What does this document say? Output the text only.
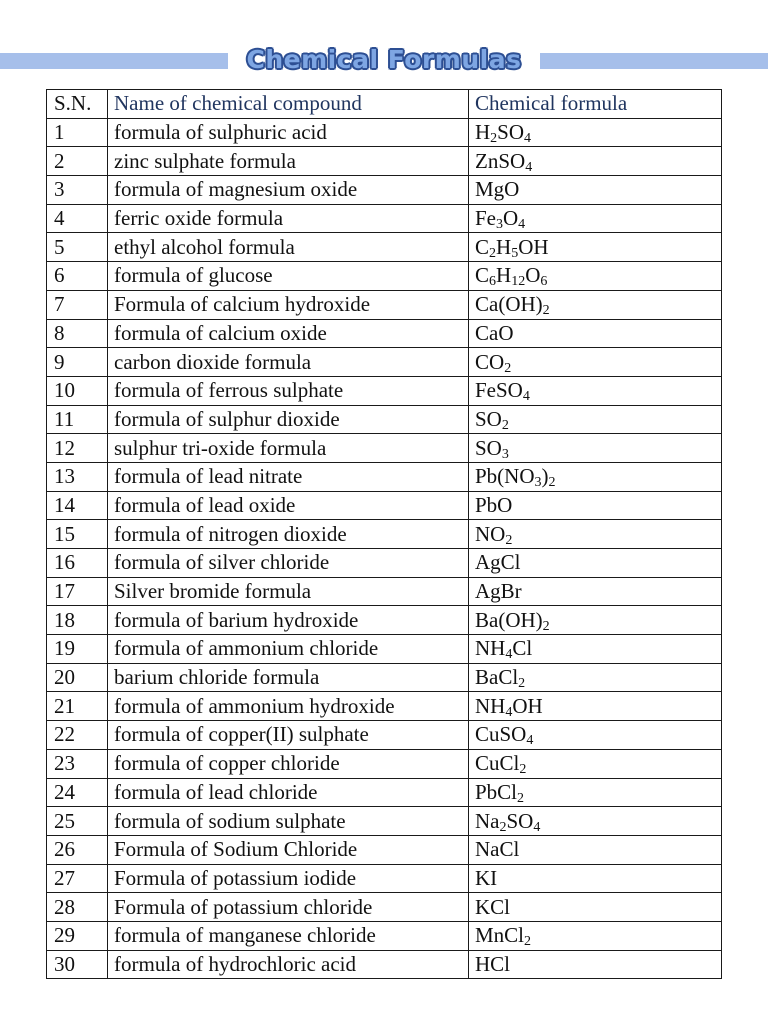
Chemical Formulas
S.N.	Name of chemical compound	Chemical formula
1	formula of sulphuric acid	$H_2SO_4$
2	zinc sulphate formula	ZnSO$_4$
3	formula of magnesium oxide	MgO
4	ferric oxide formula	$Fe_3O_4$
5	ethyl alcohol formula	$C_2H_5OH$
6	formula of glucose	$C_6H_{12}O_6$
7	Formula of calcium hydroxide	$Ca(OH)_2$
8	formula of calcium oxide	CaO
9	carbon dioxide formula	$CO_2$
10	formula of ferrous sulphate	FeSO$_4$
11	formula of sulphur dioxide	$SO_2$
12	sulphur tri-oxide formula	$SO_3$
13	formula of lead nitrate	$Pb(NO_3)_2$
14	formula of lead oxide	PbO
15	formula of nitrogen dioxide	$NO_2$
16	formula of silver chloride	AgCl
17	Silver bromide formula	AgBr
18	formula of barium hydroxide	$Ba(OH)_2$
19	formula of ammonium chloride	$NH_4Cl$
20	barium chloride formula	BaCl$_2$
21	formula of ammonium hydroxide	$NH_4OH$
22	formula of copper(II) sulphate	CuSO$_4$
23	formula of copper chloride	CuCl$_2$
24	formula of lead chloride	PbCl$_2$
25	formula of sodium sulphate	$Na_2SO_4$
26	Formula of Sodium Chloride	NaCl
27	Formula of potassium iodide	KI
28	Formula of potassium chloride	KCl
29	formula of manganese chloride	MnCl$_2$
30	formula of hydrochloric acid	HCl
